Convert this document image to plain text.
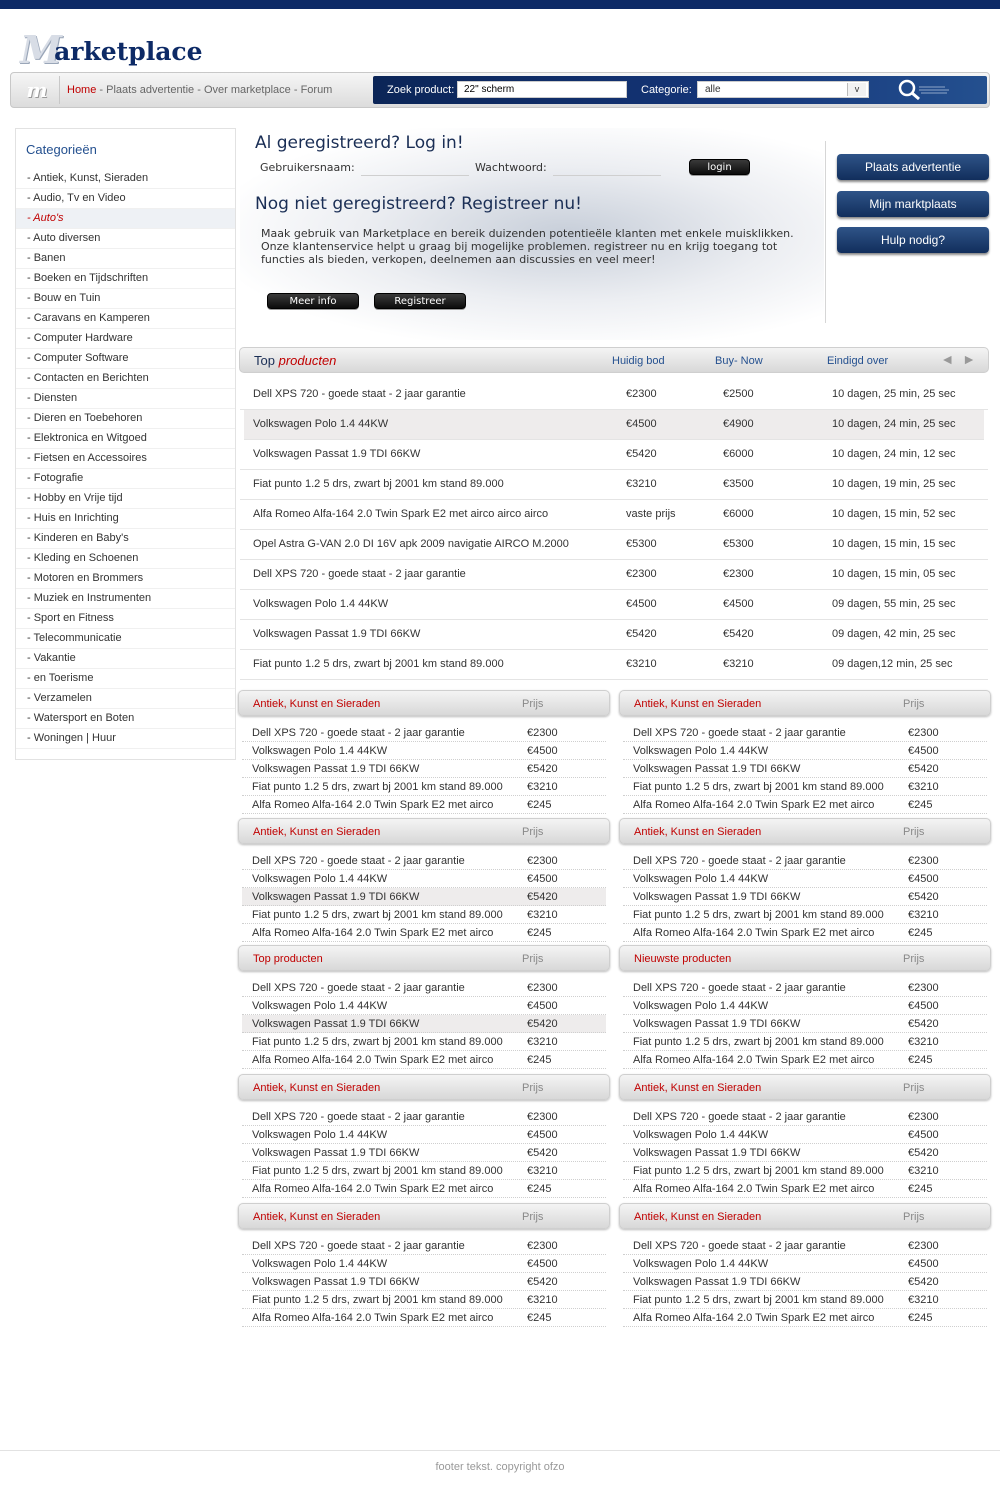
M
arketplace
m	Home - Plaats advertentie - Over marketplace - Forum	Zoek product:
22" scherm	Categorie: alle	v
Categorieën
- Antiek, Kunst, Sieraden
- Audio, Tv en Video
- Auto's
- Auto diversen
- Banen
- Boeken en Tijdschriften
- Bouw en Tuin
- Caravans en Kamperen
- Computer Hardware
- Computer Software
- Contacten en Berichten
- Diensten
- Dieren en Toebehoren
- Elektronica en Witgoed
- Fietsen en Accessoires
- Fotografie
- Hobby en Vrije tijd
- Huis en Inrichting
- Kinderen en Baby's
- Kleding en Schoenen
- Motoren en Brommers
- Muziek en Instrumenten
- Sport en Fitness
- Telecommunicatie
- Vakantie
- en Toerisme
- Verzamelen
- Watersport en Boten
- Woningen | Huur
Al geregistreerd? Log in!
Gebruikersnaam:	Wachtwoord:	login
Nog niet geregistreerd? Registreer nu!
Maak gebruik van Marketplace en bereik duizenden potentieële klanten met enkele muisklikken. Onze klantenservice helpt u graag bij mogelijke problemen. registreer nu en krijg toegang tot functies als bieden, verkopen, deelnemen aan discussies en veel meer!
Meer info	Registreer
Plaats advertentie
Mijn marktplaats
Hulp nodig?
Top producten	Huidig bod	Buy- Now	Eindigd over	◄ ►
Dell XPS 720 - goede staat - 2 jaar garantie	€2300	€2500	10 dagen, 25 min, 25 sec
Volkswagen Polo 1.4 44KW	€4500	€4900	10 dagen, 24 min, 25 sec
Volkswagen Passat 1.9 TDI 66KW	€5420	€6000	10 dagen, 24 min, 12 sec
Fiat punto 1.2 5 drs, zwart bj 2001 km stand 89.000	€3210	€3500	10 dagen, 19 min, 25 sec
Alfa Romeo Alfa-164 2.0 Twin Spark E2 met airco airco airco	vaste prijs	€6000	10 dagen, 15 min, 52 sec
Opel Astra G-VAN 2.0 DI 16V apk 2009 navigatie AIRCO M.2000	€5300	€5300	10 dagen, 15 min, 15 sec
Dell XPS 720 - goede staat - 2 jaar garantie	€2300	€2300	10 dagen, 15 min, 05 sec
Volkswagen Polo 1.4 44KW	€4500	€4500	09 dagen, 55 min, 25 sec
Volkswagen Passat 1.9 TDI 66KW	€5420	€5420	09 dagen, 42 min, 25 sec
Fiat punto 1.2 5 drs, zwart bj 2001 km stand 89.000	€3210	€3210	09 dagen,12 min, 25 sec
Antiek, Kunst en Sieraden	Prijs
Dell XPS 720 - goede staat - 2 jaar garantie	€2300
Volkswagen Polo 1.4 44KW	€4500
Volkswagen Passat 1.9 TDI 66KW	€5420
Fiat punto 1.2 5 drs, zwart bj 2001 km stand 89.000 €3210
Alfa Romeo Alfa-164 2.0 Twin Spark E2 met airco	€245
Antiek, Kunst en Sieraden	Prijs
Dell XPS 720 - goede staat - 2 jaar garantie	€2300
Volkswagen Polo 1.4 44KW	€4500
Volkswagen Passat 1.9 TDI 66KW	€5420
Fiat punto 1.2 5 drs, zwart bj 2001 km stand 89.000 €3210
Alfa Romeo Alfa-164 2.0 Twin Spark E2 met airco	€245
Antiek, Kunst en Sieraden	Prijs
Dell XPS 720 - goede staat - 2 jaar garantie	€2300
Volkswagen Polo 1.4 44KW	€4500
Volkswagen Passat 1.9 TDI 66KW	€5420
Fiat punto 1.2 5 drs, zwart bj 2001 km stand 89.000 €3210
Alfa Romeo Alfa-164 2.0 Twin Spark E2 met airco	€245
Antiek, Kunst en Sieraden	Prijs
Dell XPS 720 - goede staat - 2 jaar garantie	€2300
Volkswagen Polo 1.4 44KW	€4500
Volkswagen Passat 1.9 TDI 66KW	€5420
Fiat punto 1.2 5 drs, zwart bj 2001 km stand 89.000 €3210
Alfa Romeo Alfa-164 2.0 Twin Spark E2 met airco	€245
Top producten	Prijs
Dell XPS 720 - goede staat - 2 jaar garantie	€2300
Volkswagen Polo 1.4 44KW	€4500
Volkswagen Passat 1.9 TDI 66KW	€5420
Fiat punto 1.2 5 drs, zwart bj 2001 km stand 89.000 €3210
Alfa Romeo Alfa-164 2.0 Twin Spark E2 met airco	€245
Nieuwste producten	Prijs
Dell XPS 720 - goede staat - 2 jaar garantie	€2300
Volkswagen Polo 1.4 44KW	€4500
Volkswagen Passat 1.9 TDI 66KW	€5420
Fiat punto 1.2 5 drs, zwart bj 2001 km stand 89.000 €3210
Alfa Romeo Alfa-164 2.0 Twin Spark E2 met airco	€245
Antiek, Kunst en Sieraden	Prijs
Dell XPS 720 - goede staat - 2 jaar garantie	€2300
Volkswagen Polo 1.4 44KW	€4500
Volkswagen Passat 1.9 TDI 66KW	€5420
Fiat punto 1.2 5 drs, zwart bj 2001 km stand 89.000 €3210
Alfa Romeo Alfa-164 2.0 Twin Spark E2 met airco	€245
Antiek, Kunst en Sieraden	Prijs
Dell XPS 720 - goede staat - 2 jaar garantie	€2300
Volkswagen Polo 1.4 44KW	€4500
Volkswagen Passat 1.9 TDI 66KW	€5420
Fiat punto 1.2 5 drs, zwart bj 2001 km stand 89.000 €3210
Alfa Romeo Alfa-164 2.0 Twin Spark E2 met airco	€245
Antiek, Kunst en Sieraden	Prijs
Dell XPS 720 - goede staat - 2 jaar garantie	€2300
Volkswagen Polo 1.4 44KW	€4500
Volkswagen Passat 1.9 TDI 66KW	€5420
Fiat punto 1.2 5 drs, zwart bj 2001 km stand 89.000 €3210
Alfa Romeo Alfa-164 2.0 Twin Spark E2 met airco	€245
Antiek, Kunst en Sieraden	Prijs
Dell XPS 720 - goede staat - 2 jaar garantie	€2300
Volkswagen Polo 1.4 44KW	€4500
Volkswagen Passat 1.9 TDI 66KW	€5420
Fiat punto 1.2 5 drs, zwart bj 2001 km stand 89.000 €3210
Alfa Romeo Alfa-164 2.0 Twin Spark E2 met airco	€245
footer tekst. copyright ofzo
